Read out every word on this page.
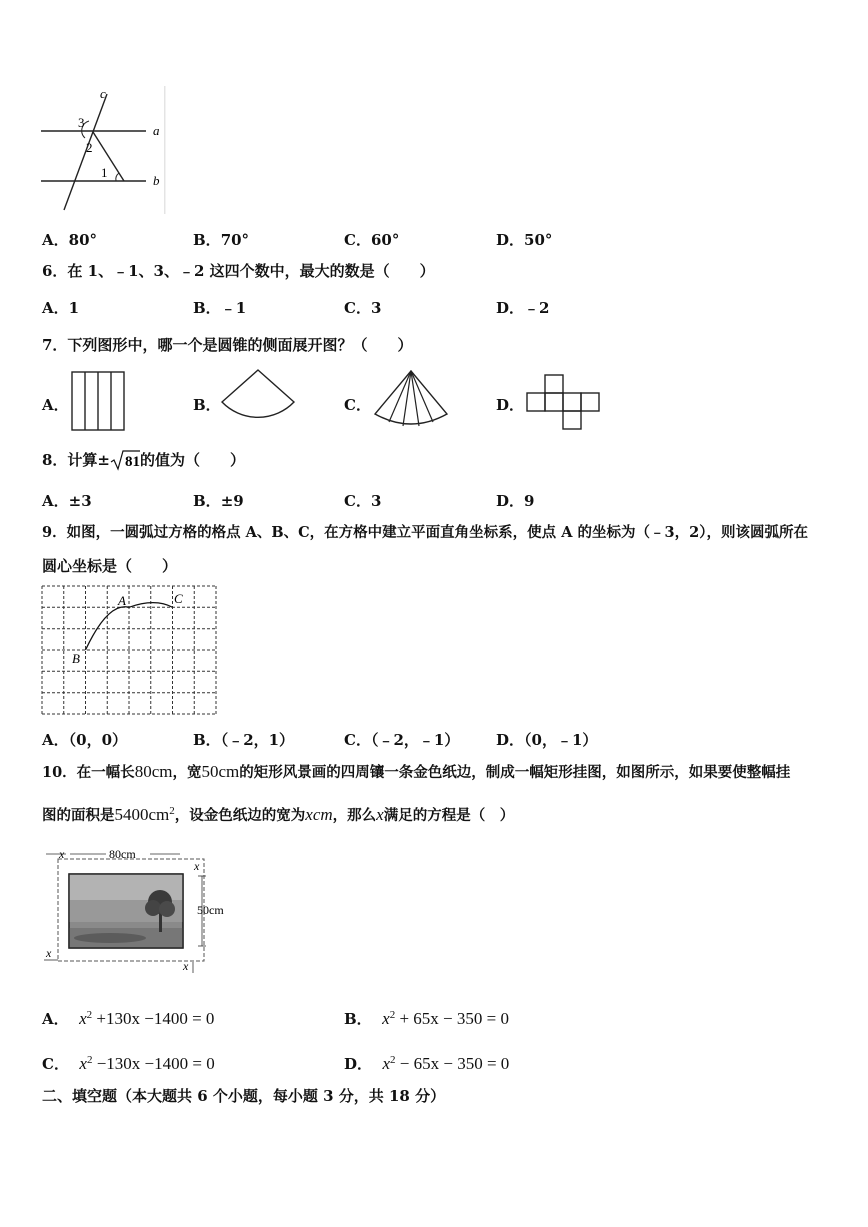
c
a
b
3
2
1
A．80°	B．70°	C．60°	D．50°
6．在 1、﹣1、3、﹣2 这四个数中，最大的数是（　　）
A．1	B．﹣1	C．3	D．﹣2
7．下列图形中，哪一个是圆锥的侧面展开图？（　　）
A．	B．	C．	D．
8．计算± 81 的值为（　　）
A．±3	B．±9	C．3	D．9
9．如图，一圆弧过方格的格点 A、B、C，在方格中建立平面直角坐标系，使点 A 的坐标为（﹣3，2），则该圆弧所在
圆心坐标是（　　）
A	C
B
A．（0，0）	B．（﹣2，1）	C．（﹣2，﹣1） D．（0，﹣1）
10．在一幅长80cm，宽50cm的矩形风景画的四周镶一条金色纸边，制成一幅矩形挂图，如图所示，如果要使整幅挂
图的面积是$5400cm^2$，设金色纸边的宽为xcm，那么x满足的方程是（　）
80cm
x
x
50cm
x
x
A． $x^2 +130x -1400 = 0$	B． $x^2 + 65x - 350 = 0$
C． $x^2 -130x -1400 = 0$	D． $x^2 - 65x - 350 = 0$
二、填空题（本大题共 6 个小题，每小题 3 分，共 18 分）
